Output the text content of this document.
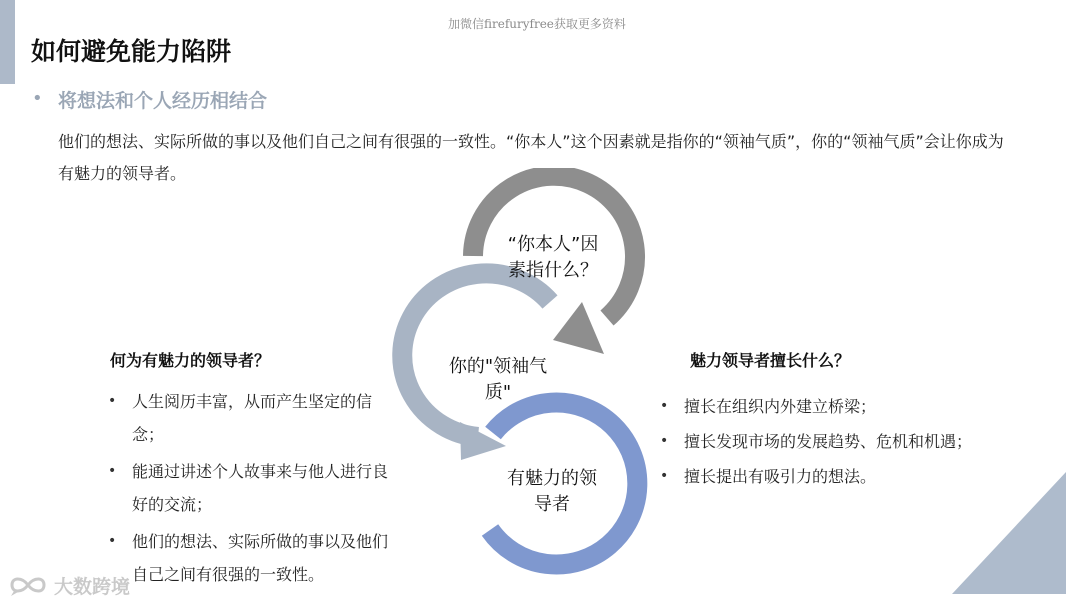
加微信firefuryfree获取更多资料
如何避免能力陷阱
• 将想法和个人经历相结合
他们的想法、实际所做的事以及他们自己之间有很强的一致性。“你本人”这个因素就是指你的“领袖气质”，你的“领袖气质”会让你成为有魅力的领导者。
“你本人”因
素指什么？
你的"领袖气
质"
有魅力的领
导者
何为有魅力的领导者？
• 人生阅历丰富，从而产生坚定的信念；
• 能通过讲述个人故事来与他人进行良好的交流；
• 他们的想法、实际所做的事以及他们自己之间有很强的一致性。
魅力领导者擅长什么？
• 擅长在组织内外建立桥梁；
• 擅长发现市场的发展趋势、危机和机遇；
• 擅长提出有吸引力的想法。
大数跨境
